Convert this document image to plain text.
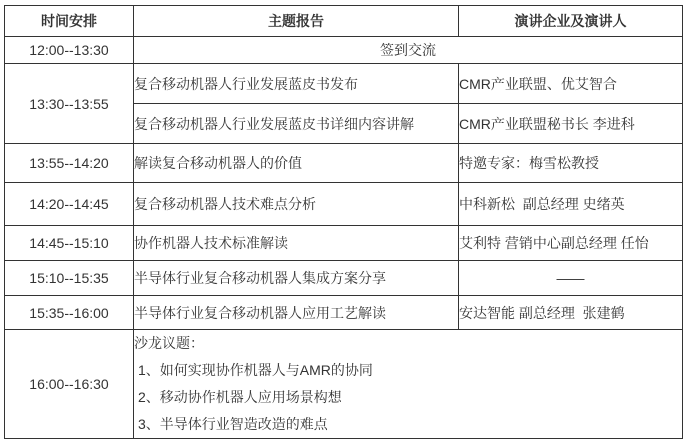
时间安排	主题报告	演讲企业及演讲人
12:00--13:30	签到交流	
13:30--13:55	复合移动机器人行业发展蓝皮书发布	CMR产业联盟、优艾智合
	复合移动机器人行业发展蓝皮书详细内容讲解	CMR产业联盟秘书长 李进科
13:55--14:20	解读复合移动机器人的价值	特邀专家：梅雪松教授
14:20--14:45	复合移动机器人技术难点分析	中科新松  副总经理 史绪英
14:45--15:10	协作机器人技术标准解读	艾利特 营销中心副总经理 任怡
15:10--15:35	半导体行业复合移动机器人集成方案分享	——
15:35--16:00	半导体行业复合移动机器人应用工艺解读	安达智能 副总经理  张建鹤
16:00--16:30	沙龙议题：
1、如何实现协作机器人与AMR的协同
2、移动协作机器人应用场景构想
3、半导体行业智造改造的难点	
